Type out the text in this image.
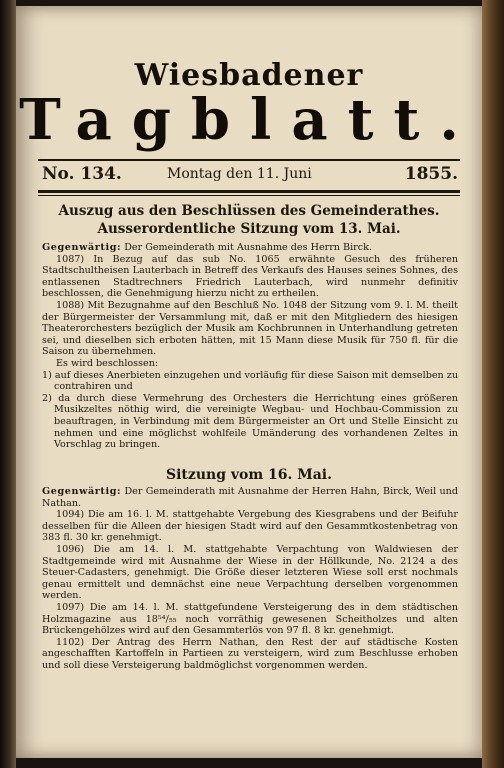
Wiesbadener
Tagblatt.
No. 134.	Montag den 11. Juni	1855.
Auszug aus den Beschlüssen des Gemeinderathes.
Ausserordentliche Sitzung vom 13. Mai.

Gegenwärtig: Der Gemeinderath mit Ausnahme des Herrn Birck.

1087) In Bezug auf das sub No. 1065 erwähnte Gesuch des früheren Stadtschultheisen Lauterbach in Betreff des Verkaufs des Hauses seines Sohnes, des entlassenen Stadtrechners Friedrich Lauterbach, wird nunmehr definitiv beschlossen, die Genehmigung hierzu nicht zu ertheilen.

1088) Mit Bezugnahme auf den Beschluß No. 1048 der Sitzung vom 9. l. M. theilt der Bürgermeister der Versammlung mit, daß er mit den Mitgliedern des hiesigen Theaterorchesters bezüglich der Musik am Kochbrunnen in Unterhandlung getreten sei, und dieselben sich erboten hätten, mit 15 Mann diese Musik für 750 fl. für die Saison zu übernehmen.

Es wird beschlossen:

1) auf dieses Anerbieten einzugehen und vorläufig für diese Saison mit demselben zu contrahiren und

2) da durch diese Vermehrung des Orchesters die Herrichtung eines größeren Musikzeltes nöthig wird, die vereinigte Wegbau- und Hochbau-Commission zu beauftragen, in Verbindung mit dem Bürgermeister an Ort und Stelle Einsicht zu nehmen und eine möglichst wohlfeile Umänderung des vorhandenen Zeltes in Vorschlag zu bringen.

Sitzung vom 16. Mai.

Gegenwärtig: Der Gemeinderath mit Ausnahme der Herren Hahn, Birck, Weil und Nathan.

1094) Die am 16. l. M. stattgehabte Vergebung des Kiesgrabens und der Beifuhr desselben für die Alleen der hiesigen Stadt wird auf den Gesammtkostenbetrag von 383 fl. 30 kr. genehmigt.

1096) Die am 14. l. M. stattgehabte Verpachtung von Waldwiesen der Stadtgemeinde wird mit Ausnahme der Wiese in der Höllkunde, No. 2124 a des Steuer-Cadasters, genehmigt. Die Größe dieser letzteren Wiese soll erst nochmals genau ermittelt und demnächst eine neue Verpachtung derselben vorgenommen werden.

1097) Die am 14. l. M. stattgefundene Versteigerung des in dem städtischen Holzmagazine aus 18⁵⁴/₅₅ noch vorräthig gewesenen Scheitholzes und alten Brückengehölzes wird auf den Gesammterlös von 97 fl. 8 kr. genehmigt.

1102) Der Antrag des Herrn Nathan, den Rest der auf städtische Kosten angeschafften Kartoffeln in Partieen zu versteigern, wird zum Beschlusse erhoben und soll diese Versteigerung baldmöglichst vorgenommen werden.
